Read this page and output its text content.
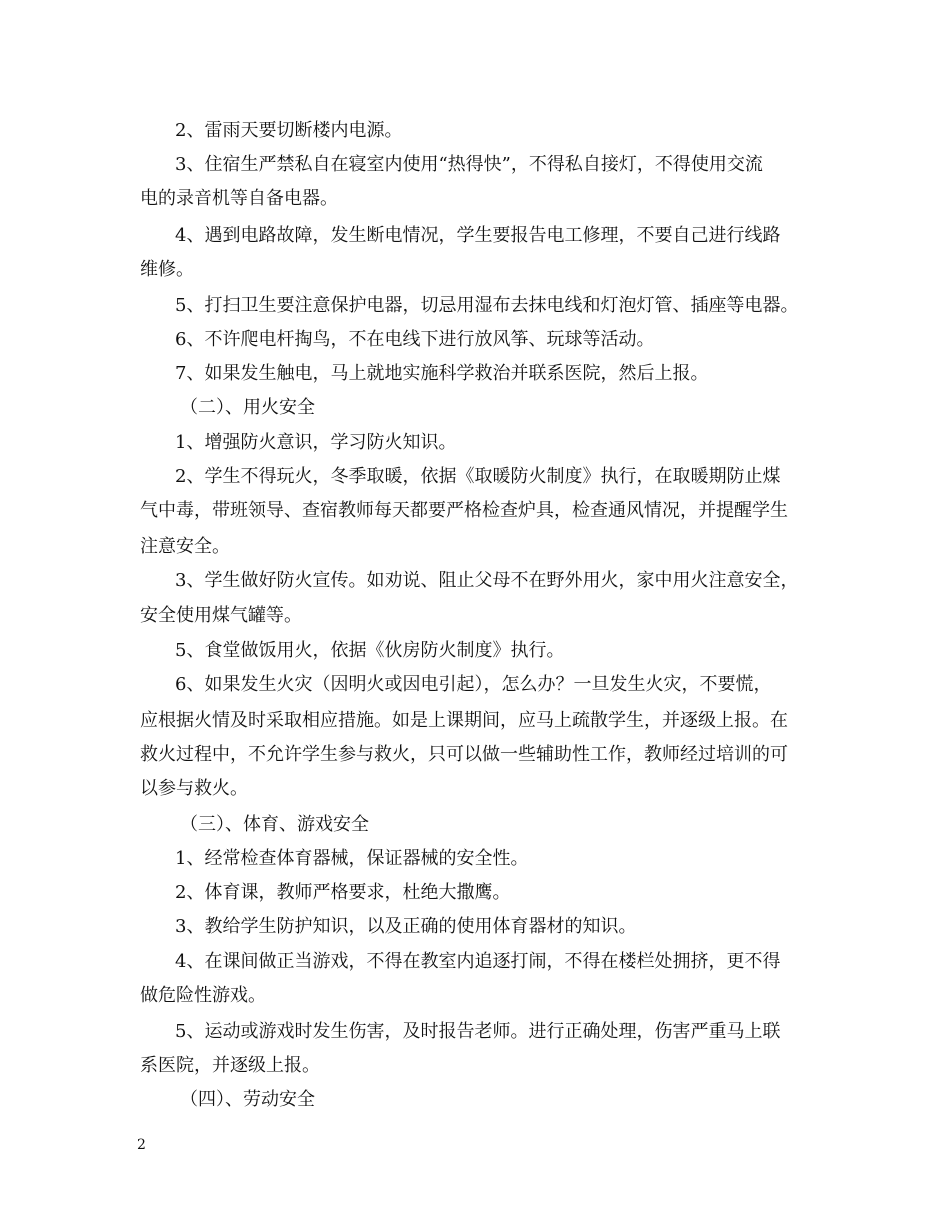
2、雷雨天要切断楼内电源。
3、住宿生严禁私自在寝室内使用“热得快”，不得私自接灯，不得使用交流
电的录音机等自备电器。
4、遇到电路故障，发生断电情况，学生要报告电工修理，不要自己进行线路
维修。
5、打扫卫生要注意保护电器，切忌用湿布去抹电线和灯泡灯管、插座等电器。
6、不许爬电杆掏鸟，不在电线下进行放风筝、玩球等活动。
7、如果发生触电，马上就地实施科学救治并联系医院，然后上报。
（二）、用火安全
1、增强防火意识，学习防火知识。
2、学生不得玩火，冬季取暖，依据《取暖防火制度》执行，在取暖期防止煤
气中毒，带班领导、查宿教师每天都要严格检查炉具，检查通风情况，并提醒学生
注意安全。
3、学生做好防火宣传。如劝说、阻止父母不在野外用火，家中用火注意安全，
安全使用煤气罐等。
5、食堂做饭用火，依据《伙房防火制度》执行。
6、如果发生火灾（因明火或因电引起），怎么办？一旦发生火灾，不要慌，
应根据火情及时采取相应措施。如是上课期间，应马上疏散学生，并逐级上报。在
救火过程中，不允许学生参与救火，只可以做一些辅助性工作，教师经过培训的可
以参与救火。
（三）、体育、游戏安全
1、经常检查体育器械，保证器械的安全性。
2、体育课，教师严格要求，杜绝大撒鹰。
3、教给学生防护知识，以及正确的使用体育器材的知识。
4、在课间做正当游戏，不得在教室内追逐打闹，不得在楼栏处拥挤，更不得
做危险性游戏。
5、运动或游戏时发生伤害，及时报告老师。进行正确处理，伤害严重马上联
系医院，并逐级上报。
（四）、劳动安全
2
